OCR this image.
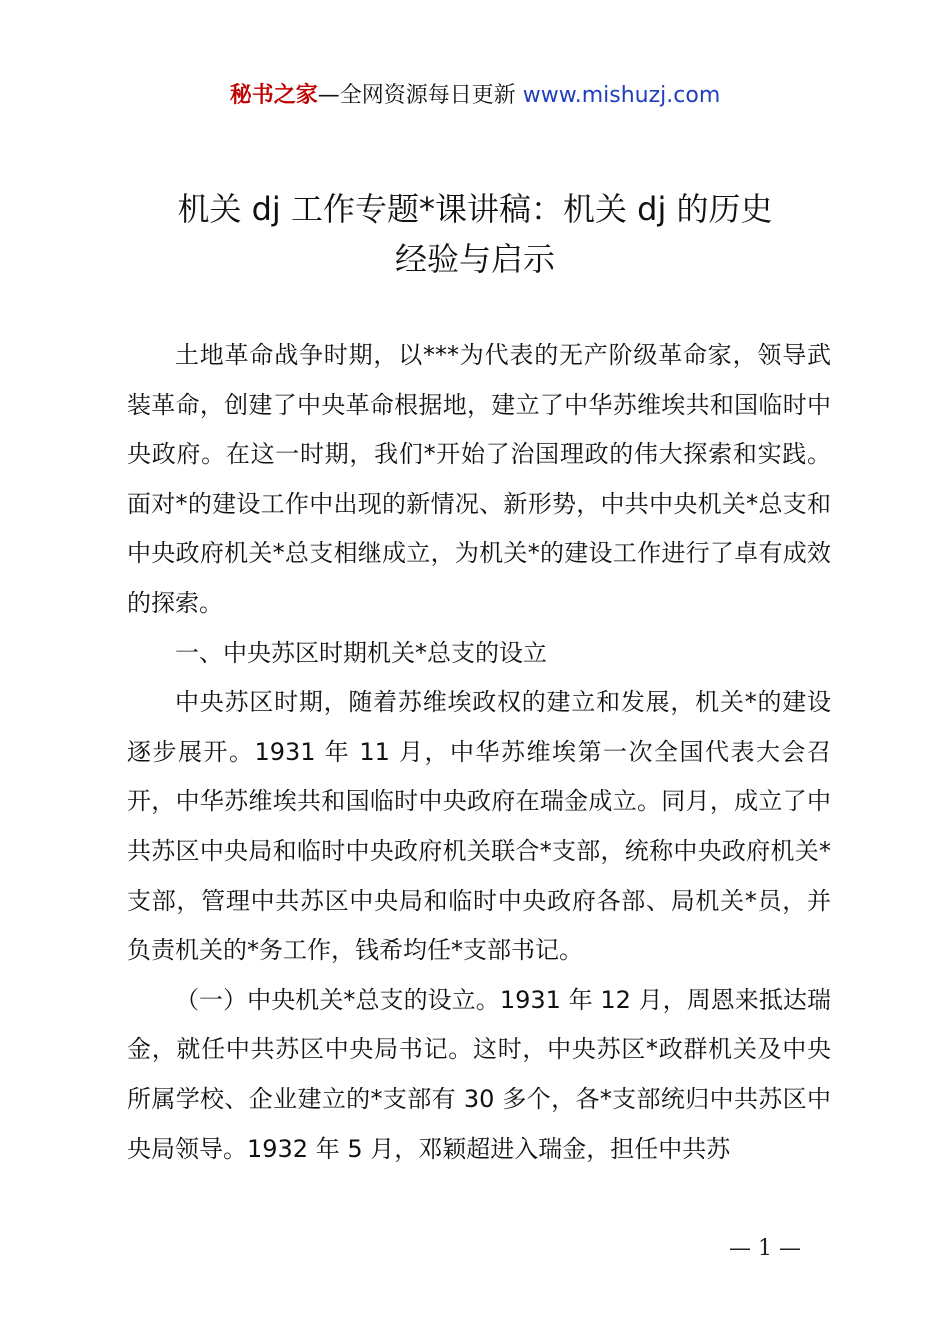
秘书之家—全网资源每日更新 www.mishuzj.com
机关 dj 工作专题*课讲稿：机关 dj 的历史
经验与启示

土地革命战争时期，以***为代表的无产阶级革命家，领导武装革命，创建了中央革命根据地，建立了中华苏维埃共和国临时中央政府。在这一时期，我们*开始了治国理政的伟大探索和实践。面对*的建设工作中出现的新情况、新形势，中共中央机关*总支和中央政府机关*总支相继成立，为机关*的建设工作进行了卓有成效的探索。

一、中央苏区时期机关*总支的设立

中央苏区时期，随着苏维埃政权的建立和发展，机关*的建设逐步展开。1931 年 11 月，中华苏维埃第一次全国代表大会召开，中华苏维埃共和国临时中央政府在瑞金成立。同月，成立了中共苏区中央局和临时中央政府机关联合*支部，统称中央政府机关*支部，管理中共苏区中央局和临时中央政府各部、局机关*员，并负责机关的*务工作，钱希均任*支部书记。

（一）中央机关*总支的设立。1931 年 12 月，周恩来抵达瑞金，就任中共苏区中央局书记。这时，中央苏区*政群机关及中央所属学校、企业建立的*支部有 30 多个，各*支部统归中共苏区中央局领导。1932 年 5 月，邓颖超进入瑞金，担任中共苏

— 1 —
